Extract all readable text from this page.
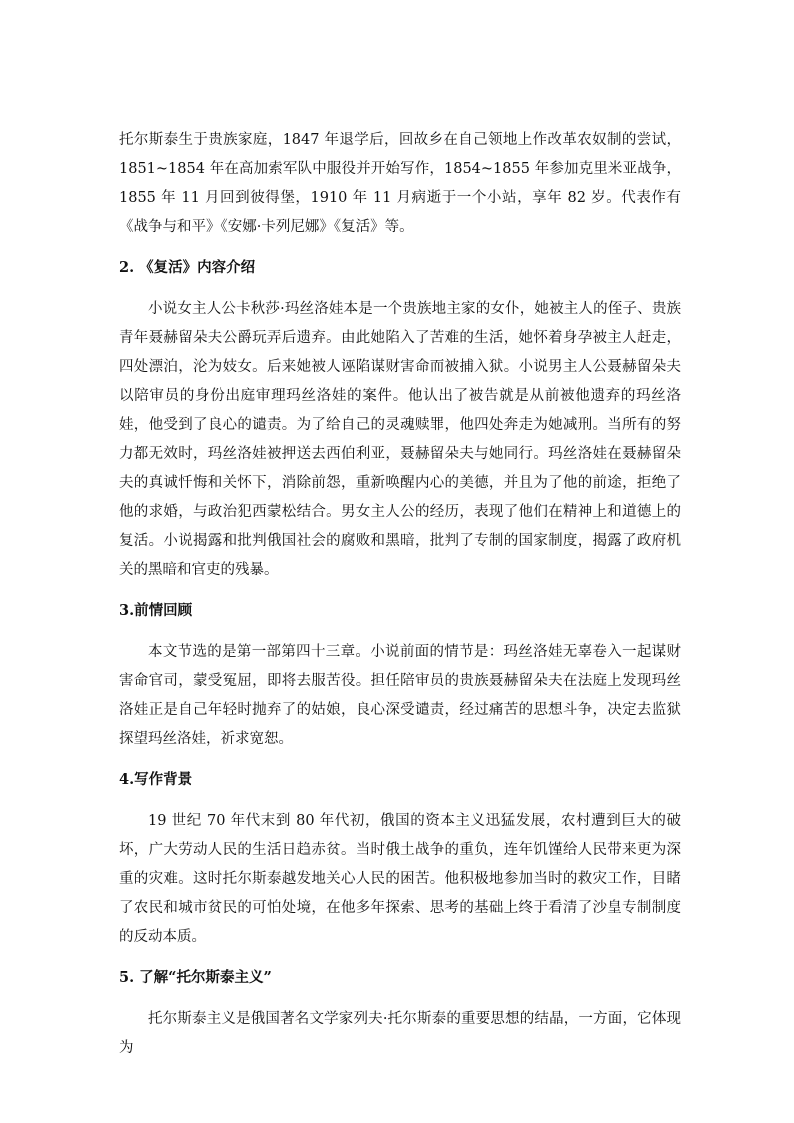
托尔斯泰生于贵族家庭，1847 年退学后，回故乡在自己领地上作改革农奴制的尝试，1851~1854 年在高加索军队中服役并开始写作，1854~1855 年参加克里米亚战争，1855 年 11 月回到彼得堡，1910 年 11 月病逝于一个小站，享年 82 岁。代表作有《战争与和平》《安娜·卡列尼娜》《复活》等。

2. 《复活》内容介绍

小说女主人公卡秋莎·玛丝洛娃本是一个贵族地主家的女仆，她被主人的侄子、贵族青年聂赫留朵夫公爵玩弄后遗弃。由此她陷入了苦难的生活，她怀着身孕被主人赶走，四处漂泊，沦为妓女。后来她被人诬陷谋财害命而被捕入狱。小说男主人公聂赫留朵夫以陪审员的身份出庭审理玛丝洛娃的案件。他认出了被告就是从前被他遗弃的玛丝洛娃，他受到了良心的谴责。为了给自己的灵魂赎罪，他四处奔走为她减刑。当所有的努力都无效时，玛丝洛娃被押送去西伯利亚，聂赫留朵夫与她同行。玛丝洛娃在聂赫留朵夫的真诚忏悔和关怀下，消除前怨，重新唤醒内心的美德，并且为了他的前途，拒绝了他的求婚，与政治犯西蒙松结合。男女主人公的经历，表现了他们在精神上和道德上的复活。小说揭露和批判俄国社会的腐败和黑暗，批判了专制的国家制度，揭露了政府机关的黑暗和官吏的残暴。

3.前情回顾

本文节选的是第一部第四十三章。小说前面的情节是：玛丝洛娃无辜卷入一起谋财害命官司，蒙受冤屈，即将去服苦役。担任陪审员的贵族聂赫留朵夫在法庭上发现玛丝洛娃正是自己年轻时抛弃了的姑娘，良心深受谴责，经过痛苦的思想斗争，决定去监狱探望玛丝洛娃，祈求宽恕。

4.写作背景

19 世纪 70 年代末到 80 年代初，俄国的资本主义迅猛发展，农村遭到巨大的破坏，广大劳动人民的生活日趋赤贫。当时俄土战争的重负，连年饥馑给人民带来更为深重的灾难。这时托尔斯泰越发地关心人民的困苦。他积极地参加当时的救灾工作，目睹了农民和城市贫民的可怕处境，在他多年探索、思考的基础上终于看清了沙皇专制制度的反动本质。

5. 了解“托尔斯泰主义”

托尔斯泰主义是俄国著名文学家列夫·托尔斯泰的重要思想的结晶，一方面，它体现为
